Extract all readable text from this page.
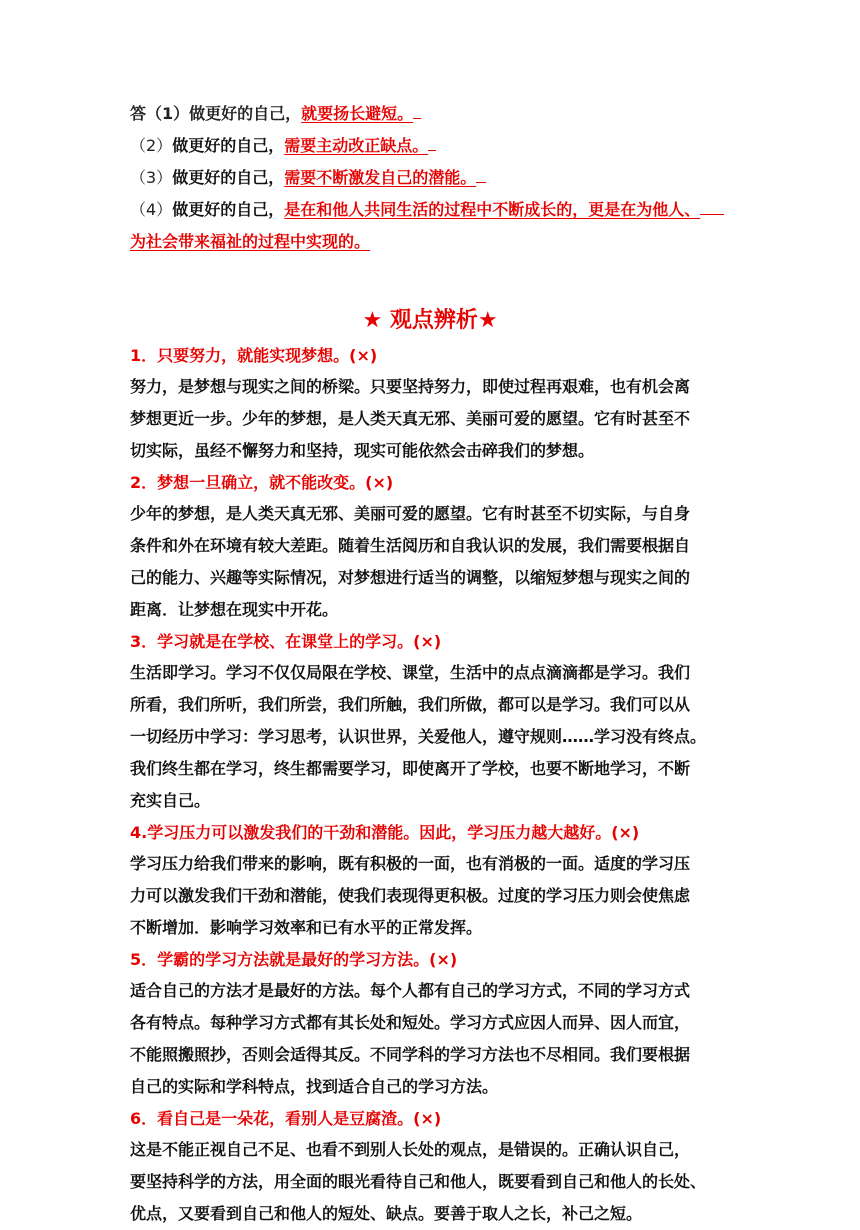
答（1）做更好的自己，就要扬长避短。
（2）做更好的自己，需要主动改正缺点。
（3）做更好的自己，需要不断激发自己的潜能。
（4）做更好的自己，是在和他人共同生活的过程中不断成长的，更是在为他人、
为社会带来福祉的过程中实现的。
★ 观点辨析★
1．只要努力，就能实现梦想。(×)
努力，是梦想与现实之间的桥梁。只要坚持努力，即使过程再艰难，也有机会离
梦想更近一步。少年的梦想，是人类天真无邪、美丽可爱的愿望。它有时甚至不
切实际，虽经不懈努力和坚持，现实可能依然会击碎我们的梦想。
2．梦想一旦确立，就不能改变。(×)
少年的梦想，是人类天真无邪、美丽可爱的愿望。它有时甚至不切实际，与自身
条件和外在环境有较大差距。随着生活阅历和自我认识的发展，我们需要根据自
己的能力、兴趣等实际情况，对梦想进行适当的调整，以缩短梦想与现实之间的
距离．让梦想在现实中开花。
3．学习就是在学校、在课堂上的学习。(×)
生活即学习。学习不仅仅局限在学校、课堂，生活中的点点滴滴都是学习。我们
所看，我们所听，我们所尝，我们所触，我们所做，都可以是学习。我们可以从
一切经历中学习：学习思考，认识世界，关爱他人，遵守规则……学习没有终点。
我们终生都在学习，终生都需要学习，即使离开了学校，也要不断地学习，不断
充实自己。
4.学习压力可以激发我们的干劲和潜能。因此，学习压力越大越好。(×)
学习压力给我们带来的影响，既有积极的一面，也有消极的一面。适度的学习压
力可以激发我们干劲和潜能，使我们表现得更积极。过度的学习压力则会使焦虑
不断增加．影响学习效率和已有水平的正常发挥。
5．学霸的学习方法就是最好的学习方法。(×)
适合自己的方法才是最好的方法。每个人都有自己的学习方式，不同的学习方式
各有特点。每种学习方式都有其长处和短处。学习方式应因人而异、因人而宜，
不能照搬照抄，否则会适得其反。不同学科的学习方法也不尽相同。我们要根据
自己的实际和学科特点，找到适合自己的学习方法。
6．看自己是一朵花，看别人是豆腐渣。(×)
这是不能正视自己不足、也看不到别人长处的观点，是错误的。正确认识自己，
要坚持科学的方法，用全面的眼光看待自己和他人，既要看到自己和他人的长处、
优点，又要看到自己和他人的短处、缺点。要善于取人之长，补己之短。
